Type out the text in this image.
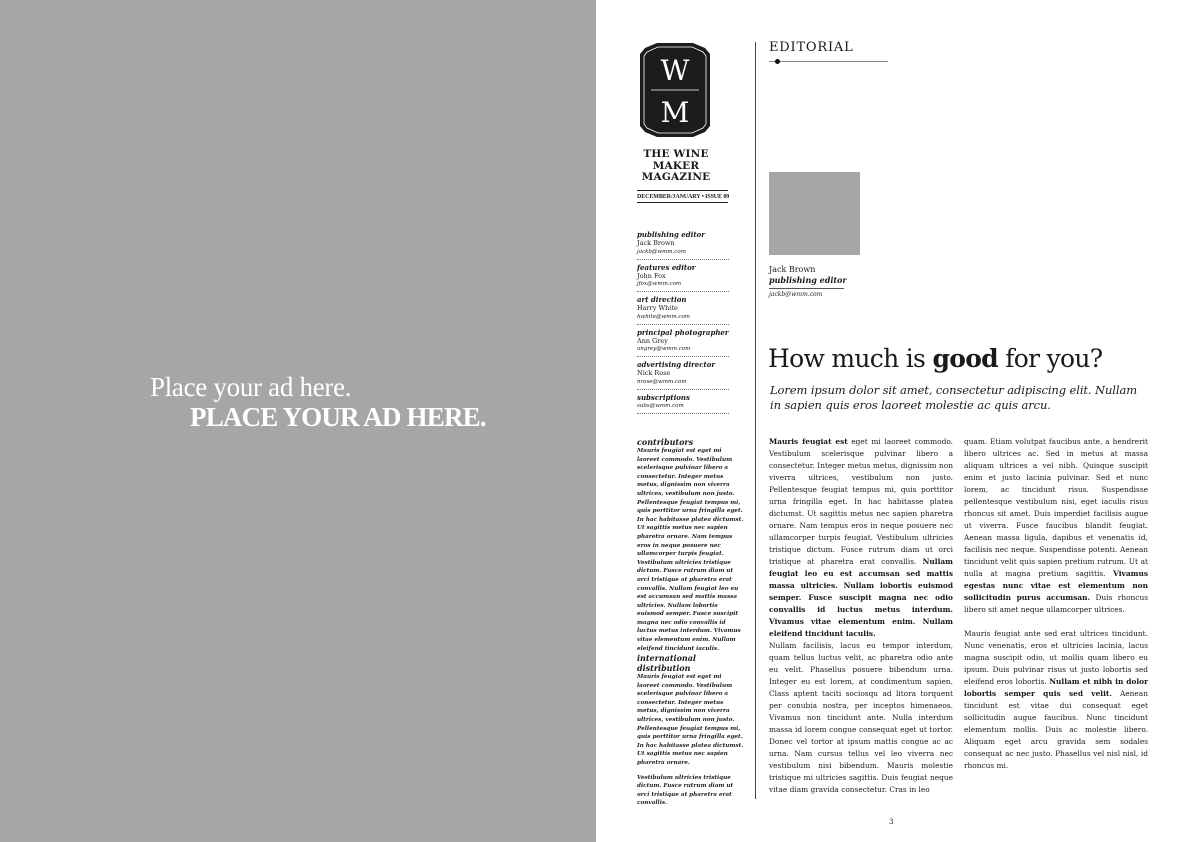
Place your ad here.
PLACE YOUR AD HERE.
W
M
THE WINE MAKER MAGAZINE
DECEMBER/JANUARY • ISSUE 09
publishing editor
Jack Brown
jackb@wmm.com
features editor
John Fox
jfox@wmm.com
art direction
Harry White
hwhite@wmm.com
principal photographer
Ann Grey
angrey@wmm.com
advertising director
Nick Rose
nrose@wmm.com
subscriptions
subs@wmm.com
contributors
Mauris feugiat est eget mi laoreet commodo. Vestibulum scelerisque pulvinar libero a consectetur. Integer metus metus, dignissim non viverra ultrices, vestibulum non justo. Pellentesque feugiat tempus mi, quis porttitor urna fringilla eget. In hac habitasse platea dictumst. Ut sagittis metus nec sapien pharetra ornare. Nam tempus eros in neque posuere nec ullamcorper turpis feugiat. Vestibulum ultricies tristique dictum. Fusce rutrum diam ut orci tristique at pharetra erat convallis. Nullam feugiat leo eu est accumsan sed mattis massa ultricies. Nullam lobortis euismod semper. Fusce suscipit magna nec odio convallis id luctus metus interdum. Vivamus vitae elementum enim. Nullam eleifend tincidunt iaculis.
international distribution
Mauris feugiat est eget mi laoreet commodo. Vestibulum scelerisque pulvinar libero a consectetur. Integer metus metus, dignissim non viverra ultrices, vestibulum non justo. Pellentesque feugiat tempus mi, quis porttitor urna fringilla eget. In hac habitasse platea dictumst. Ut sagittis metus nec sapien pharetra ornare.
Vestibulum ultricies tristique dictum. Fusce rutrum diam ut orci tristique at pharetra erat convallis.
EDITORIAL
Jack Brown
publishing editor
jackb@wmm.com
How much is good for you?
Lorem ipsum dolor sit amet, consectetur adipiscing elit. Nullam in sapien quis eros laoreet molestie ac quis arcu.

Mauris feugiat est eget mi laoreet commodo. Vestibulum scelerisque pulvinar libero a consectetur. Integer metus metus, dignissim non viverra ultrices, vestibulum non justo. Pellentesque feugiat tempus mi, quis porttitor urna fringilla eget. In hac habitasse platea dictumst. Ut sagittis metus nec sapien pharetra ornare. Nam tempus eros in neque posuere nec ullamcorper turpis feugiat. Vestibulum ultricies tristique dictum. Fusce rutrum diam ut orci tristique at pharetra erat convallis. Nullam feugiat leo eu est accumsan sed mattis massa ultricies. Nullam lobortis euismod semper. Fusce suscipit magna nec odio convallis id luctus metus interdum. Vivamus vitae elementum enim. Nullam eleifend tincidunt iaculis.

Nullam facilisis, lacus eu tempor interdum, quam tellus luctus velit, ac pharetra odio ante eu velit. Phasellus posuere bibendum urna. Integer eu est lorem, at condimentum sapien. Class aptent taciti sociosqu ad litora torquent per conubia nostra, per inceptos himenaeos. Vivamus non tincidunt ante. Nulla interdum massa id lorem congue consequat eget ut tortor. Donec vel tortor at ipsum mattis congue ac ac urna. Nam cursus tellus vel leo viverra nec vestibulum nisi bibendum. Mauris molestie tristique mi ultricies sagittis. Duis feugiat neque vitae diam gravida consectetur. Cras in leo

quam. Etiam volutpat faucibus ante, a hendrerit libero ultrices ac. Sed in metus at massa aliquam ultrices a vel nibh. Quisque suscipit enim et justo lacinia pulvinar. Sed et nunc lorem, ac tincidunt risus. Suspendisse pellentesque vestibulum nisi, eget iaculis risus rhoncus sit amet. Duis imperdiet facilisis augue ut viverra. Fusce faucibus blandit feugiat. Aenean massa ligula, dapibus et venenatis id, facilisis nec neque. Suspendisse potenti. Aenean tincidunt velit quis sapien pretium rutrum. Ut at nulla at magna pretium sagittis. Vivamus egestas nunc vitae est elementum non sollicitudin purus accumsan. Duis rhoncus libero sit amet neque ullamcorper ultrices.

Mauris feugiat ante sed erat ultrices tincidunt. Nunc venenatis, eros et ultricies lacinia, lacus magna suscipit odio, ut mollis quam libero eu ipsum. Duis pulvinar risus ut justo lobortis sed eleifend eros lobortis. Nullam et nibh in dolor lobortis semper quis sed velit. Aenean tincidunt est vitae dui consequat eget sollicitudin augue faucibus. Nunc tincidunt elementum mollis. Duis ac molestie libero. Aliquam eget arcu gravida sem sodales consequat ac nec justo. Phasellus vel nisl nisl, id rhoncus mi.

3
